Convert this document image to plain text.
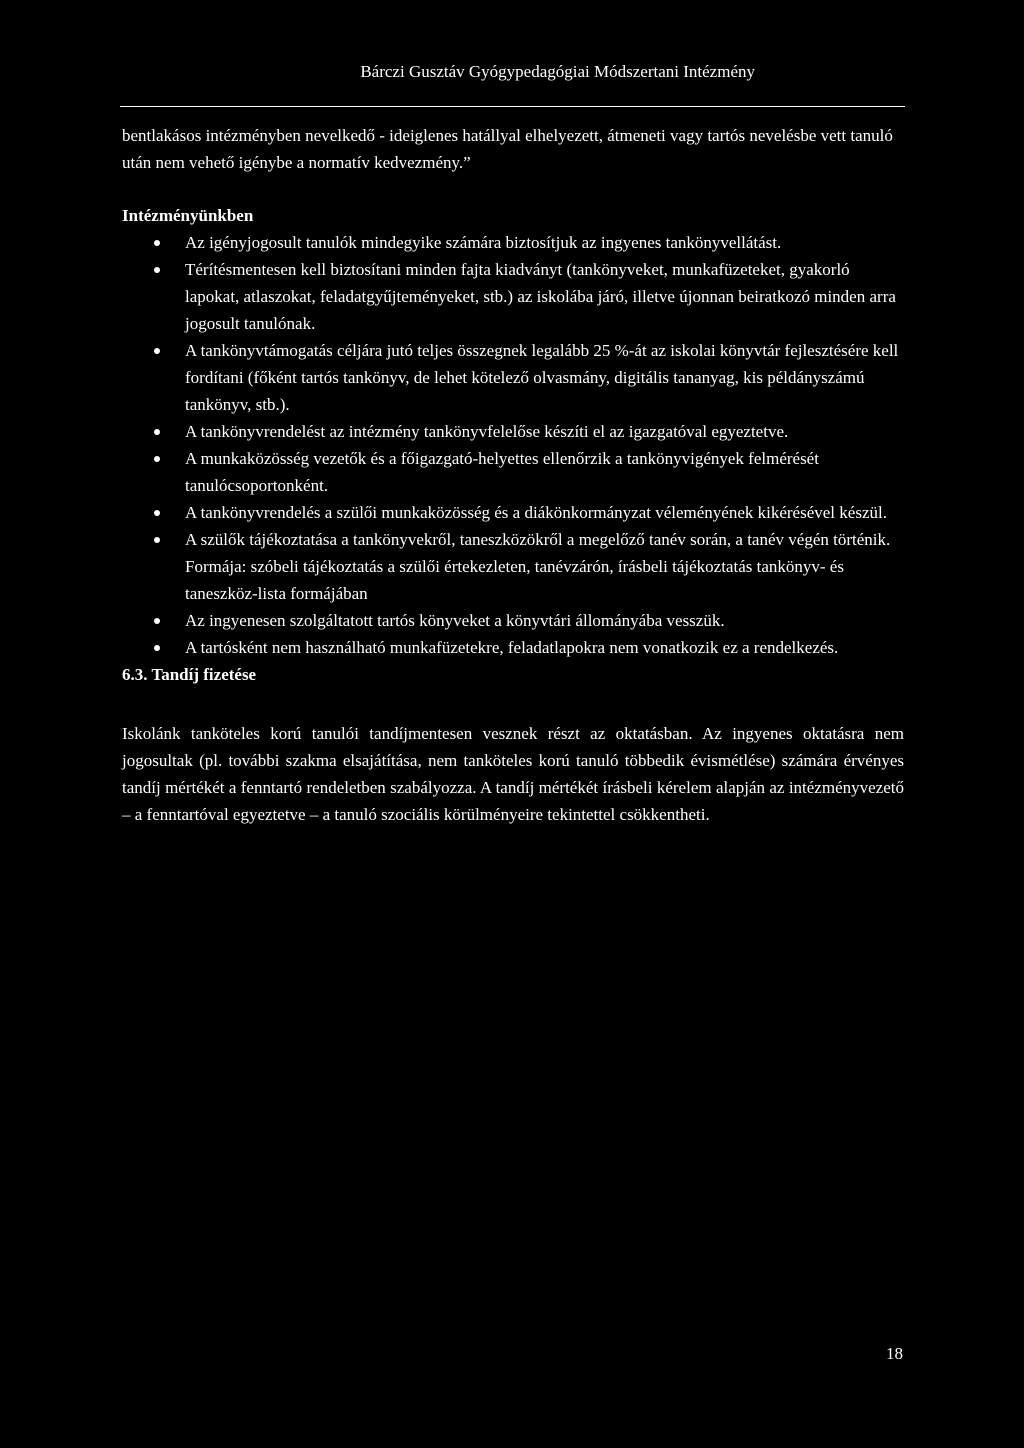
Bárczi Gusztáv Gyógypedagógiai Módszertani Intézmény

bentlakásos intézményben nevelkedő - ideiglenes hatállyal elhelyezett, átmeneti vagy tartós nevelésbe vett tanuló után nem vehető igénybe a normatív kedvezmény.”

Intézményünkben

Az igényjogosult tanulók mindegyike számára biztosítjuk az ingyenes tankönyvellátást.
Térítésmentesen kell biztosítani minden fajta kiadványt (tankönyveket, munkafüzeteket, gyakorló lapokat, atlaszokat, feladatgyűjteményeket, stb.) az iskolába járó, illetve újonnan beiratkozó minden arra jogosult tanulónak.
A tankönyvtámogatás céljára jutó teljes összegnek legalább 25 %-át az iskolai könyvtár fejlesztésére kell fordítani (főként tartós tankönyv, de lehet kötelező olvasmány, digitális tananyag, kis példányszámú tankönyv, stb.).
A tankönyvrendelést az intézmény tankönyvfelelőse készíti el az igazgatóval egyeztetve.
A munkaközösség vezetők és a főigazgató-helyettes ellenőrzik a tankönyvigények felmérését tanulócsoportonként.
A tankönyvrendelés a szülői munkaközösség és a diákönkormányzat véleményének kikérésével készül.
A szülők tájékoztatása a tankönyvekről, taneszközökről a megelőző tanév során, a tanév végén történik. Formája: szóbeli tájékoztatás a szülői értekezleten, tanévzárón, írásbeli tájékoztatás tankönyv- és taneszköz-lista formájában
Az ingyenesen szolgáltatott tartós könyveket a könyvtári állományába vesszük.
A tartósként nem használható munkafüzetekre, feladatlapokra nem vonatkozik ez a rendelkezés.

6.3. Tandíj fizetése

Iskolánk tanköteles korú tanulói tandíjmentesen vesznek részt az oktatásban. Az ingyenes oktatásra nem jogosultak (pl. további szakma elsajátítása, nem tanköteles korú tanuló többedik évismétlése) számára érvényes tandíj mértékét a fenntartó rendeletben szabályozza. A tandíj mértékét írásbeli kérelem alapján az intézményvezető – a fenntartóval egyeztetve – a tanuló szociális körülményeire tekintettel csökkentheti.

18
